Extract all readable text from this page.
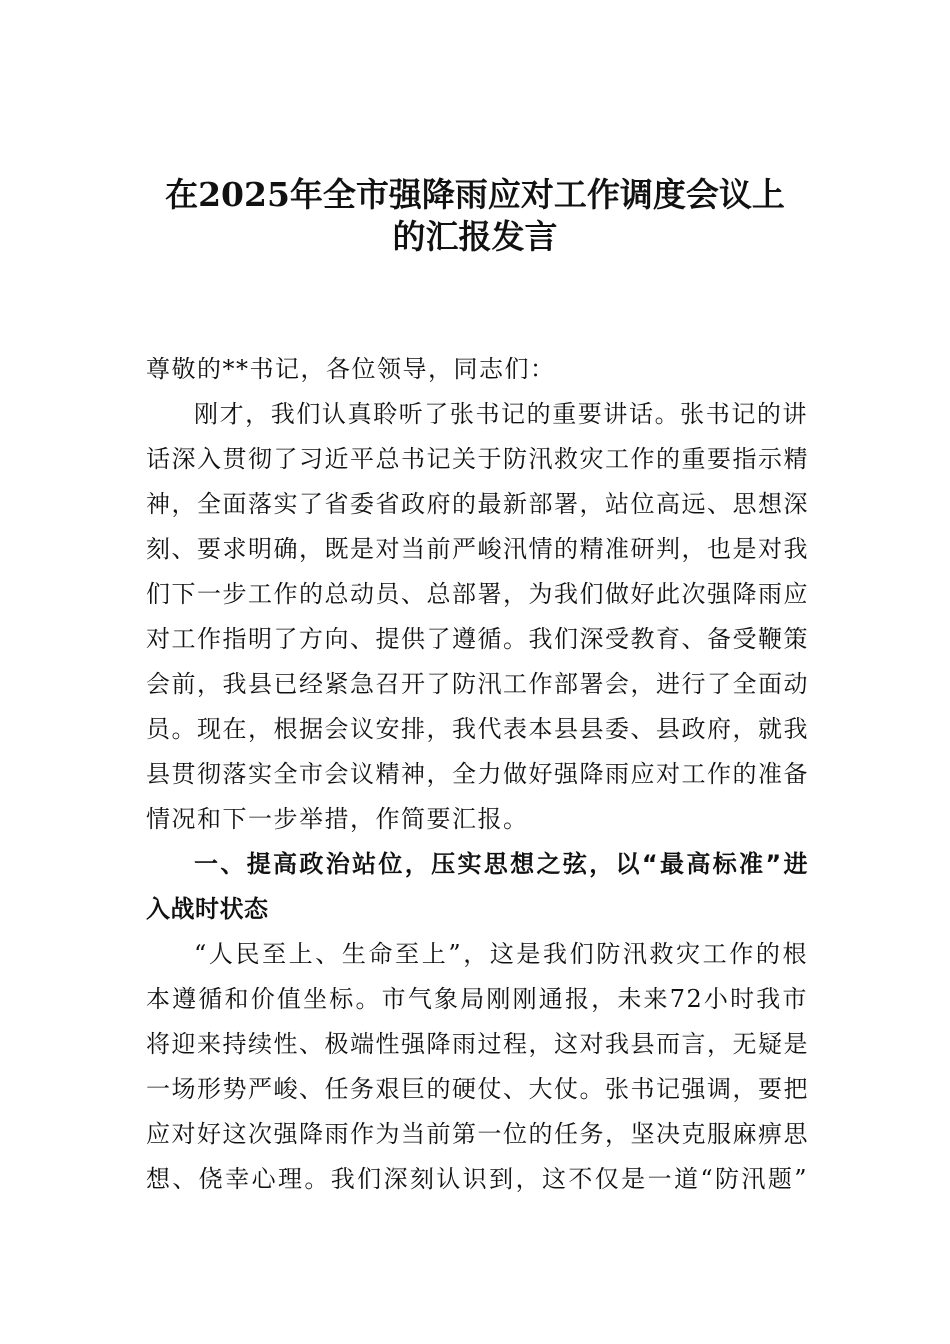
在2025年全市强降雨应对工作调度会议上
的汇报发言
尊敬的**书记，各位领导，同志们：
刚才，我们认真聆听了张书记的重要讲话。张书记的讲
话深入贯彻了习近平总书记关于防汛救灾工作的重要指示精
神，全面落实了省委省政府的最新部署，站位高远、思想深
刻、要求明确，既是对当前严峻汛情的精准研判，也是对我
们下一步工作的总动员、总部署，为我们做好此次强降雨应
对工作指明了方向、提供了遵循。我们深受教育、备受鞭策
会前，我县已经紧急召开了防汛工作部署会，进行了全面动
员。现在，根据会议安排，我代表本县县委、县政府，就我
县贯彻落实全市会议精神，全力做好强降雨应对工作的准备
情况和下一步举措，作简要汇报。
一、提高政治站位，压实思想之弦，以“最高标准”进
入战时状态
“人民至上、生命至上”，这是我们防汛救灾工作的根
本遵循和价值坐标。市气象局刚刚通报，未来72小时我市
将迎来持续性、极端性强降雨过程，这对我县而言，无疑是
一场形势严峻、任务艰巨的硬仗、大仗。张书记强调，要把
应对好这次强降雨作为当前第一位的任务，坚决克服麻痹思
想、侥幸心理。我们深刻认识到，这不仅是一道“防汛题”
